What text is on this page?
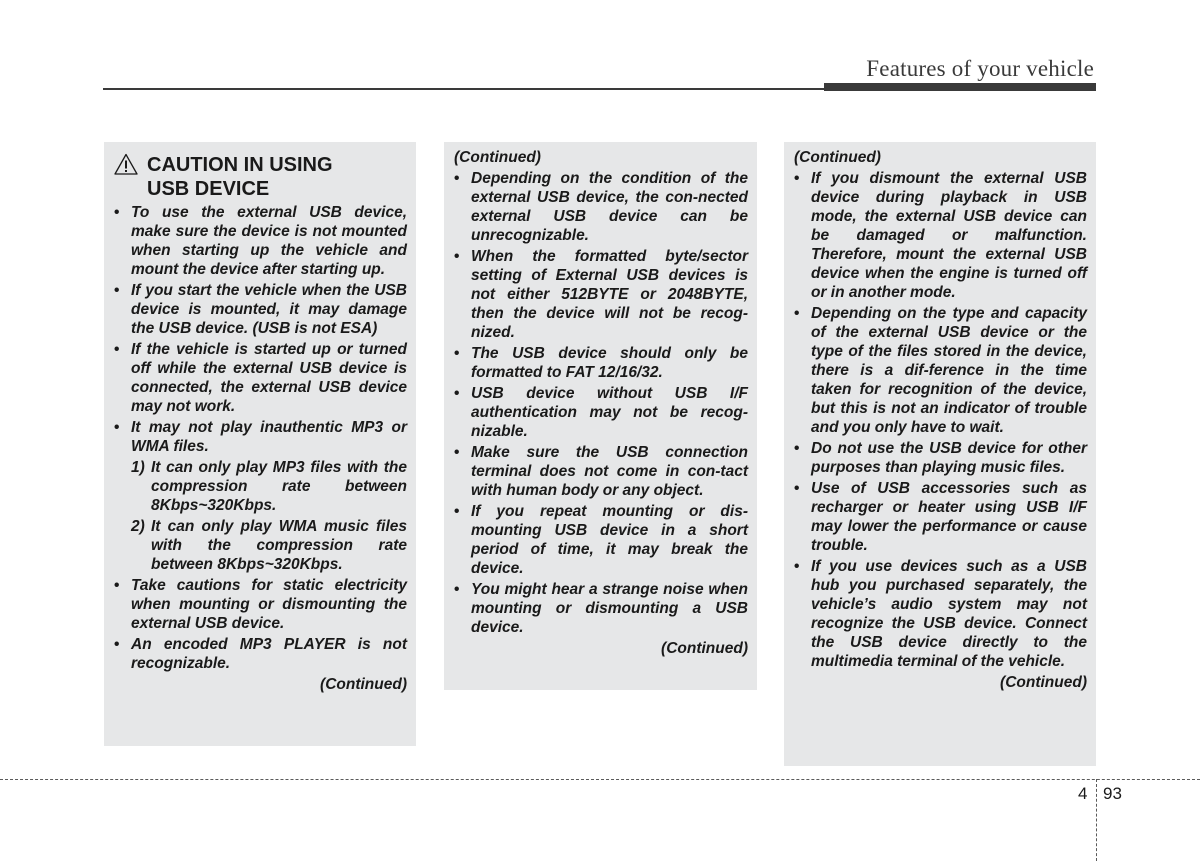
Features of your vehicle
CAUTION IN USING
USB DEVICE
• To use the external USB device, make sure the device is not mounted when starting up the vehicle and mount the device after starting up.
• If you start the vehicle when the USB device is mounted, it may damage the USB device. (USB is not ESA)
• If the vehicle is started up or turned off while the external USB device is connected, the external USB device may not work.
• It may not play inauthentic MP3 or WMA files.
1) It can only play MP3 files with the compression rate between 8Kbps~320Kbps.
2) It can only play WMA music files with the compression rate between 8Kbps~320Kbps.
• Take cautions for static electricity when mounting or dismounting the external USB device.
• An encoded MP3 PLAYER is not recognizable.
(Continued)
(Continued)
• Depending on the condition of the external USB device, the con-nected external USB device can be unrecognizable.
• When the formatted byte/sector setting of External USB devices is not either 512BYTE or 2048BYTE, then the device will not be recog-nized.
• The USB device should only be formatted to FAT 12/16/32.
• USB device without USB I/F authentication may not be recog-nizable.
• Make sure the USB connection terminal does not come in con-tact with human body or any object.
• If you repeat mounting or dis-mounting USB device in a short period of time, it may break the device.
• You might hear a strange noise when mounting or dismounting a USB device.
(Continued)
(Continued)
• If you dismount the external USB device during playback in USB mode, the external USB device can be damaged or malfunction. Therefore, mount the external USB device when the engine is turned off or in another mode.
• Depending on the type and capacity of the external USB device or the type of the files stored in the device, there is a dif-ference in the time taken for recognition of the device, but this is not an indicator of trouble and you only have to wait.
• Do not use the USB device for other purposes than playing music files.
• Use of USB accessories such as recharger or heater using USB I/F may lower the performance or cause trouble.
• If you use devices such as a USB hub you purchased separately, the vehicle’s audio system may not recognize the USB device. Connect the USB device directly to the multimedia terminal of the vehicle.
(Continued)
4 93
